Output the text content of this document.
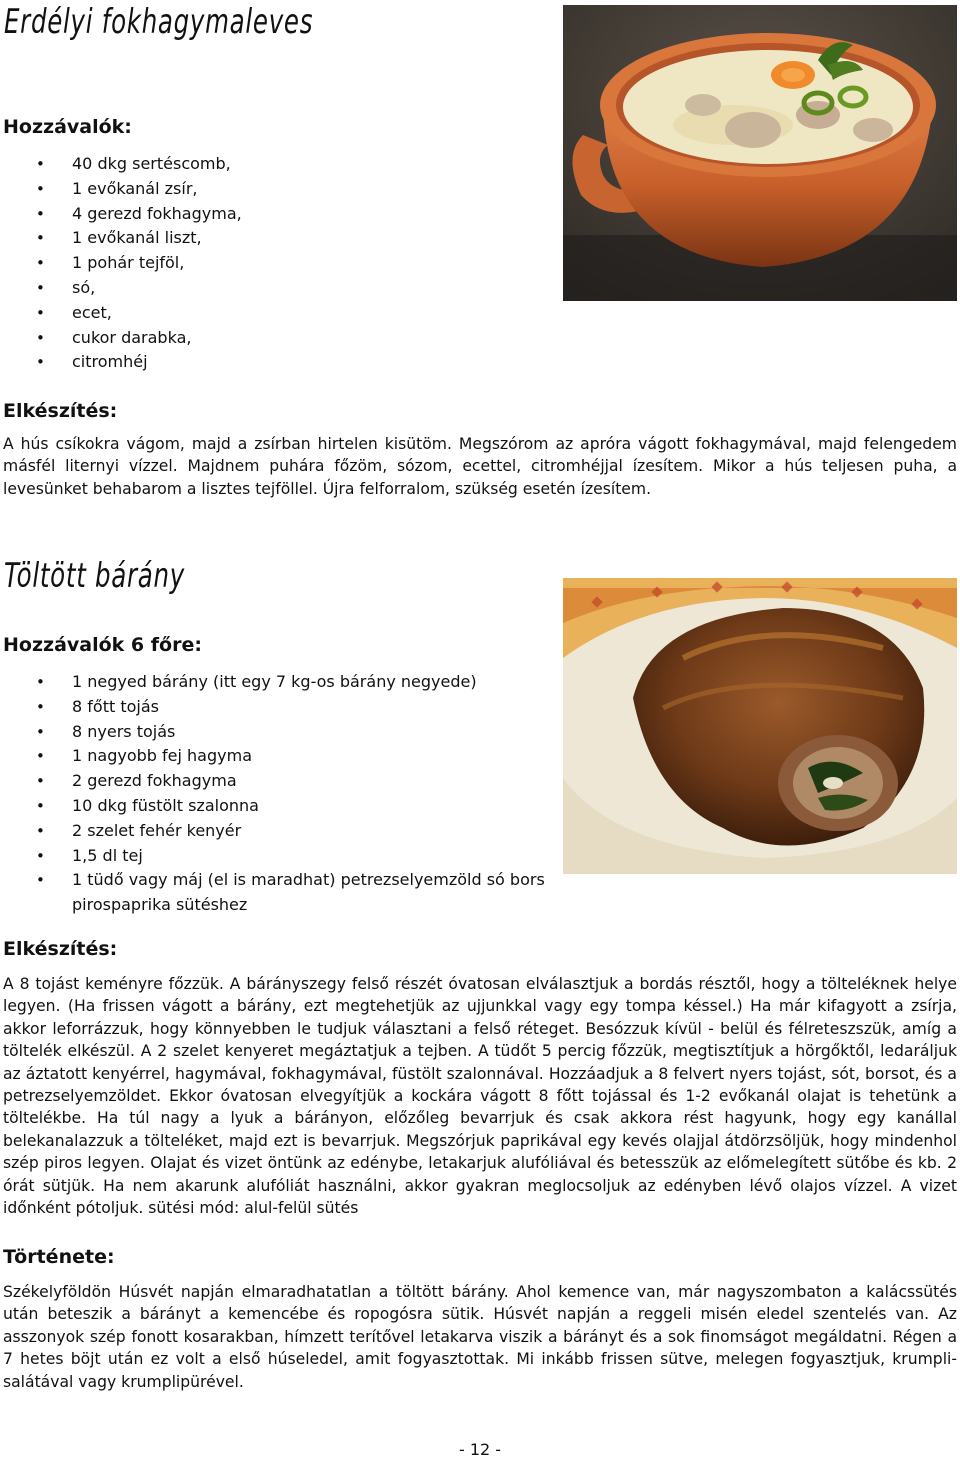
Erdélyi fokhagymaleves
Hozzávalók:
• 40 dkg sertéscomb,
• 1 evőkanál zsír,
• 4 gerezd fokhagyma,
• 1 evőkanál liszt,
• 1 pohár tejföl,
• só,
• ecet,
• cukor darabka,
• citromhéj
Elkészítés:
A hús csíkokra vágom, majd a zsírban hirtelen kisütöm. Megszórom az apróra vágott fokhagymával, majd felengedem másfél liternyi vízzel. Majdnem puhára főzöm, sózom, ecettel, citromhéjjal ízesítem. Mikor a hús teljesen puha, a levesünket behabarom a lisztes tejföllel. Újra felforralom, szükség esetén ízesítem.
Töltött bárány
Hozzávalók 6 főre:
• 1 negyed bárány (itt egy 7 kg-os bárány negyede)
• 8 főtt tojás
• 8 nyers tojás
• 1 nagyobb fej hagyma
• 2 gerezd fokhagyma
• 10 dkg füstölt szalonna
• 2 szelet fehér kenyér
• 1,5 dl tej
• 1 tüdő vagy máj (el is maradhat) petrezselyemzöld só bors pirospaprika sütéshez
Elkészítés:
A 8 tojást keményre főzzük. A bárányszegy felső részét óvatosan elválasztjuk a bordás résztől, hogy a tölteléknek helye legyen. (Ha frissen vágott a bárány, ezt megtehetjük az ujjunkkal vagy egy tompa késsel.) Ha már kifagyott a zsírja, akkor leforrázzuk, hogy könnyebben le tudjuk választani a felső réteget. Besózzuk kívül - belül és félreteszszük, amíg a töltelék elkészül. A 2 szelet kenyeret megáztatjuk a tejben. A tüdőt 5 percig főzzük, megtisztítjuk a hörgőktől, ledaráljuk az áztatott kenyérrel, hagymával, fokhagymával, füstölt szalonnával. Hozzáadjuk a 8 felvert nyers tojást, sót, borsot, és a petrezselyemzöldet. Ekkor óvatosan elvegyítjük a kockára vágott 8 főtt tojással és 1-2 evőkanál olajat is tehetünk a töltelékbe. Ha túl nagy a lyuk a bárányon, előzőleg bevarrjuk és csak akkora rést hagyunk, hogy egy kanállal belekanalazzuk a tölteléket, majd ezt is bevarrjuk. Megszórjuk paprikával egy kevés olajjal átdörzsöljük, hogy mindenhol szép piros legyen. Olajat és vizet öntünk az edénybe, letakarjuk alufóliával és betesszük az előmelegített sütőbe és kb. 2 órát sütjük. Ha nem akarunk alufóliát használni, akkor gyakran meglocsoljuk az edényben lévő olajos vízzel. A vizet időnként pótoljuk. sütési mód: alul-felül sütés
Története:
Székelyföldön Húsvét napján elmaradhatatlan a töltött bárány. Ahol kemence van, már nagyszombaton a kalácssütés után beteszik a bárányt a kemencébe és ropogósra sütik. Húsvét napján a reggeli misén eledel szentelés van. Az asszonyok szép fonott kosarakban, hímzett terítővel letakarva viszik a bárányt és a sok finomságot megáldatni. Régen a 7 hetes böjt után ez volt a első húseledel, amit fogyasztottak. Mi inkább frissen sütve, melegen fogyasztjuk, krumpli-salátával vagy krumplipürével.
- 12 -
